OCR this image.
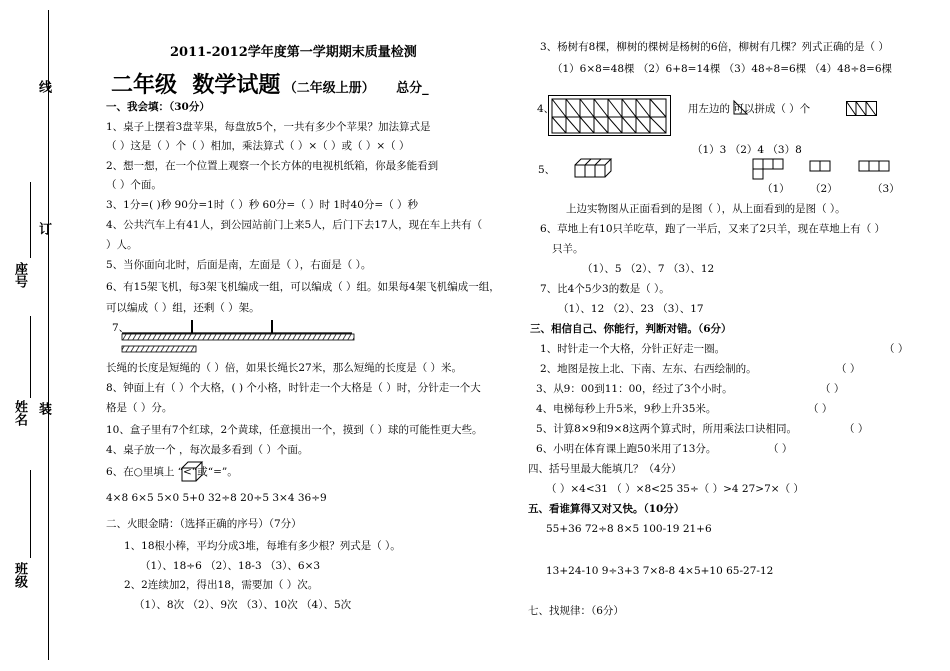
线
订
装
座号
姓名
班级
2011-2012学年度第一学期期末质量检测
二年级 数学试题 （二年级上册） 总分_
一、我会填：（30分）
1、桌子上摆着3盘苹果，每盘放5个，一共有多少个苹果？加法算式是
（ ）这是（ ）个（ ）相加，乘法算式（ ）×（ ）或（ ）×（ ）
2、想一想，在一个位置上观察一个长方体的电视机纸箱，你最多能看到
（ ）个面。
3、1分=( )秒 90分=1时（ ）秒 60分=（ ）时 1时40分=（ ）秒
4、公共汽车上有41人，到公园站前门上来5人，后门下去17人，现在车上共有（
）人。
5、当你面向北时，后面是南，左面是（ ），右面是（ ）。
6、有15架飞机，每3架飞机编成一组，可以编成（ ）组。如果每4架飞机编成一组，
可以编成（ ）组，还剩（ ）架。
7、
长绳的长度是短绳的（ ）倍，如果长绳长27米，那么短绳的长度是（ ）米。
8、钟面上有（ ）个大格，( ) 个小格，时针走一个大格是（ ）时，分针走一个大
格是（ ）分。
10、盒子里有7个红球，2个黄球，任意摸出一个，摸到（ ）球的可能性更大些。
4、桌子放一个 ，每次最多看到（ ）个面。
6、在○里填上 “<”或“=”。
4×8 6×5 5×0 5+0 32÷8 20÷5 3×4 36÷9
二、火眼金睛：（选择正确的序号）（7分）
1、18根小棒，平均分成3堆，每堆有多少根？列式是（ ）。
（1）、18÷6 （2）、18-3 （3）、6×3
2、2连续加2，得出18，需要加（ ）次。
（1）、8次 （2）、9次 （3）、10次 （4）、5次
3、杨树有8棵，柳树的棵树是杨树的6倍，柳树有几棵？列式正确的是（ ）
（1）6×8=48棵 （2）6+8=14棵 （3）48÷8=6棵 （4）48÷8=6棵
4、	用左边的 可以拼成（ ）个
（1）3 （2）4 （3）8
5、
（1） （2）	（3）
上边实物图从正面看到的是图（ ），从上面看到的是图（ ）。
6、草地上有10只羊吃草，跑了一半后，又来了2只羊，现在草地上有（ ）
只羊。
（1）、5 （2）、7 （3）、12
7、比4个5少3的数是（ ）。
（1）、12 （2）、23 （3）、17
三、相信自己、你能行，判断对错。（6分）
1、时针走一个大格，分针正好走一圈。	（ ）
2、地图是按上北、下南、左东、右西绘制的。	（ ）
3、从9：00到11：00，经过了3个小时。	（ ）
4、电梯每秒上升5米，9秒上升35米。	（ ）
5、计算8×9和9×8这两个算式时，所用乘法口诀相同。	（ ）
6、小明在体育课上跑50米用了13分。	（ ）
四、括号里最大能填几？（4分）
（ ）×4<31 （ ）×8<25 35÷（ ）>4 27>7×（ ）
五、看谁算得又对又快。（10分）
55+36 72÷8 8×5 100-19 21+6
13+24-10 9÷3+3 7×8-8 4×5+10 65-27-12
七、找规律：（6分）
